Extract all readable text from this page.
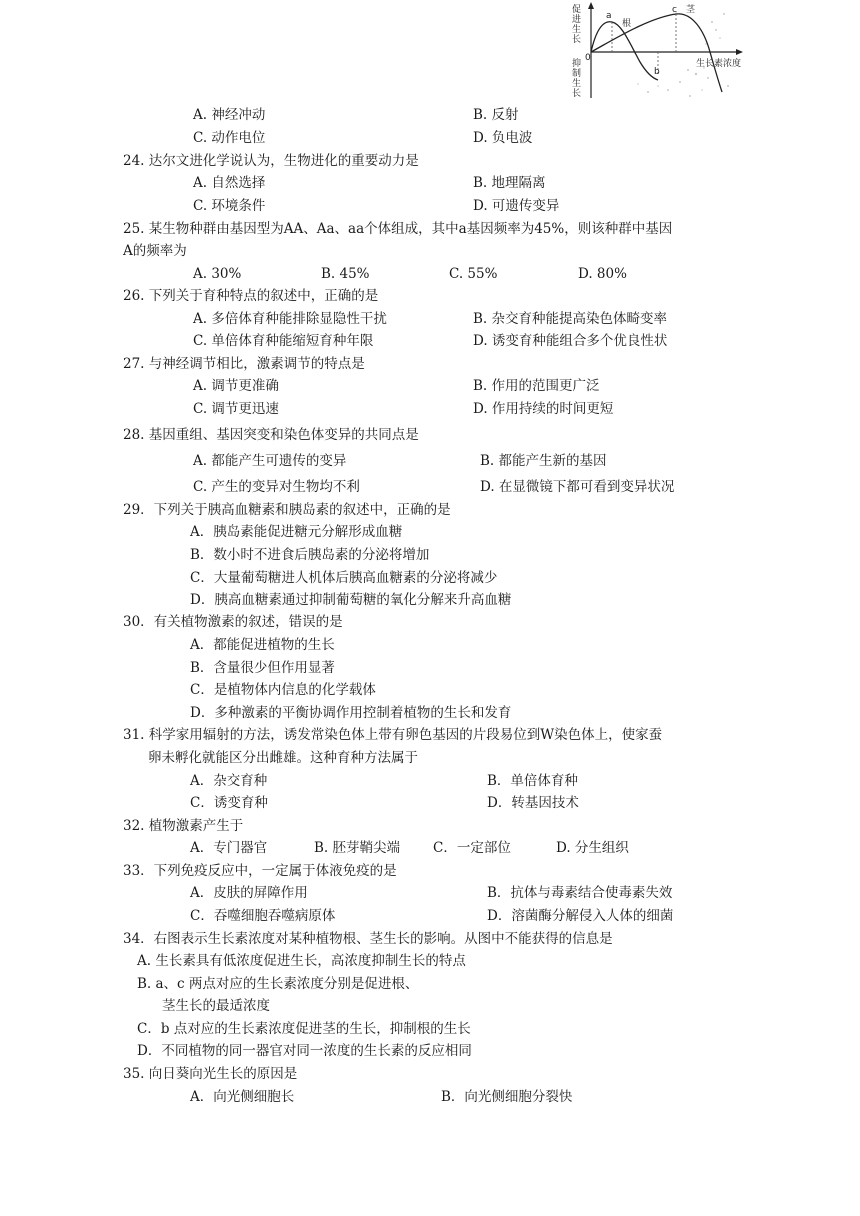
促
进
生
长
抑
制
生
长
0
a
根
c 茎
b
生长素浓度
A. 神经冲动	B. 反射
C. 动作电位	D. 负电波
24. 达尔文进化学说认为，生物进化的重要动力是
A. 自然选择	B. 地理隔离
C. 环境条件	D. 可遗传变异
25. 某生物种群由基因型为AA、Aa、aa个体组成，其中a基因频率为45%，则该种群中基因
A的频率为
A. 30%	B. 45%	C. 55%	D. 80%
26. 下列关于育种特点的叙述中，正确的是
A. 多倍体育种能排除显隐性干扰	B. 杂交育种能提高染色体畸变率
C. 单倍体育种能缩短育种年限	D. 诱变育种能组合多个优良性状
27. 与神经调节相比，激素调节的特点是
A. 调节更准确	B. 作用的范围更广泛
C. 调节更迅速	D. 作用持续的时间更短
28. 基因重组、基因突变和染色体变异的共同点是
A. 都能产生可遗传的变异	B. 都能产生新的基因
C. 产生的变异对生物均不利	D. 在显微镜下都可看到变异状况
29．下列关于胰高血糖素和胰岛素的叙述中，正确的是
A．胰岛素能促进糖元分解形成血糖
B．数小时不进食后胰岛素的分泌将增加
C．大量葡萄糖进人机体后胰高血糖素的分泌将减少
D．胰高血糖素通过抑制葡萄糖的氧化分解来升高血糖
30．有关植物激素的叙述，错误的是
A．都能促进植物的生长
B．含量很少但作用显著
C．是植物体内信息的化学载体
D．多种激素的平衡协调作用控制着植物的生长和发育
31. 科学家用辐射的方法，诱发常染色体上带有卵色基因的片段易位到W染色体上，使家蚕
卵未孵化就能区分出雌雄。这种育种方法属于
A．杂交育种	B．单倍体育种
C．诱变育种	D．转基因技术
32. 植物激素产生于
A．专门器官	B. 胚芽鞘尖端 C．一定部位	D. 分生组织
33．下列免疫反应中，一定属于体液免疫的是
A．皮肤的屏障作用	B．抗体与毒素结合使毒素失效
C．吞噬细胞吞噬病原体	D．溶菌酶分解侵入人体的细菌
34．右图表示生长素浓度对某种植物根、茎生长的影响。从图中不能获得的信息是
A. 生长素具有低浓度促进生长，高浓度抑制生长的特点
B. a、c 两点对应的生长素浓度分别是促进根、
茎生长的最适浓度
C．b 点对应的生长素浓度促进茎的生长，抑制根的生长
D．不同植物的同一器官对同一浓度的生长素的反应相同
35. 向日葵向光生长的原因是
A．向光侧细胞长	B．向光侧细胞分裂快
